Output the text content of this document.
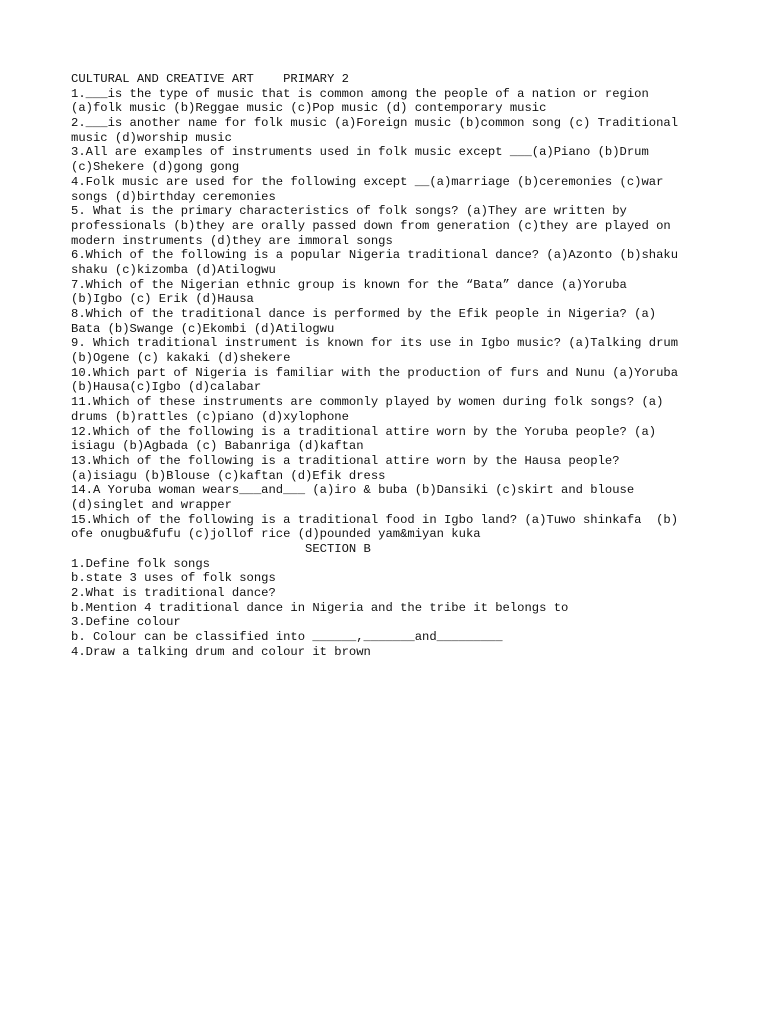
CULTURAL AND CREATIVE ART    PRIMARY 2
1.___is the type of music that is common among the people of a nation or region
(a)folk music (b)Reggae music (c)Pop music (d) contemporary music
2.___is another name for folk music (a)Foreign music (b)common song (c) Traditional
music (d)worship music
3.All are examples of instruments used in folk music except ___(a)Piano (b)Drum
(c)Shekere (d)gong gong
4.Folk music are used for the following except __(a)marriage (b)ceremonies (c)war
songs (d)birthday ceremonies
5. What is the primary characteristics of folk songs? (a)They are written by
professionals (b)they are orally passed down from generation (c)they are played on
modern instruments (d)they are immoral songs
6.Which of the following is a popular Nigeria traditional dance? (a)Azonto (b)shaku
shaku (c)kizomba (d)Atilogwu
7.Which of the Nigerian ethnic group is known for the “Bata” dance (a)Yoruba
(b)Igbo (c) Erik (d)Hausa
8.Which of the traditional dance is performed by the Efik people in Nigeria? (a)
Bata (b)Swange (c)Ekombi (d)Atilogwu
9. Which traditional instrument is known for its use in Igbo music? (a)Talking drum
(b)Ogene (c) kakaki (d)shekere
10.Which part of Nigeria is familiar with the production of furs and Nunu (a)Yoruba
(b)Hausa(c)Igbo (d)calabar
11.Which of these instruments are commonly played by women during folk songs? (a)
drums (b)rattles (c)piano (d)xylophone
12.Which of the following is a traditional attire worn by the Yoruba people? (a)
isiagu (b)Agbada (c) Babanriga (d)kaftan
13.Which of the following is a traditional attire worn by the Hausa people?
(a)isiagu (b)Blouse (c)kaftan (d)Efik dress
14.A Yoruba woman wears___and___ (a)iro & buba (b)Dansiki (c)skirt and blouse
(d)singlet and wrapper
15.Which of the following is a traditional food in Igbo land? (a)Tuwo shinkafa  (b)
ofe onugbu&fufu (c)jollof rice (d)pounded yam&miyan kuka
SECTION B
1.Define folk songs
b.state 3 uses of folk songs
2.What is traditional dance?
b.Mention 4 traditional dance in Nigeria and the tribe it belongs to
3.Define colour
b. Colour can be classified into ______,_______and_________
4.Draw a talking drum and colour it brown
